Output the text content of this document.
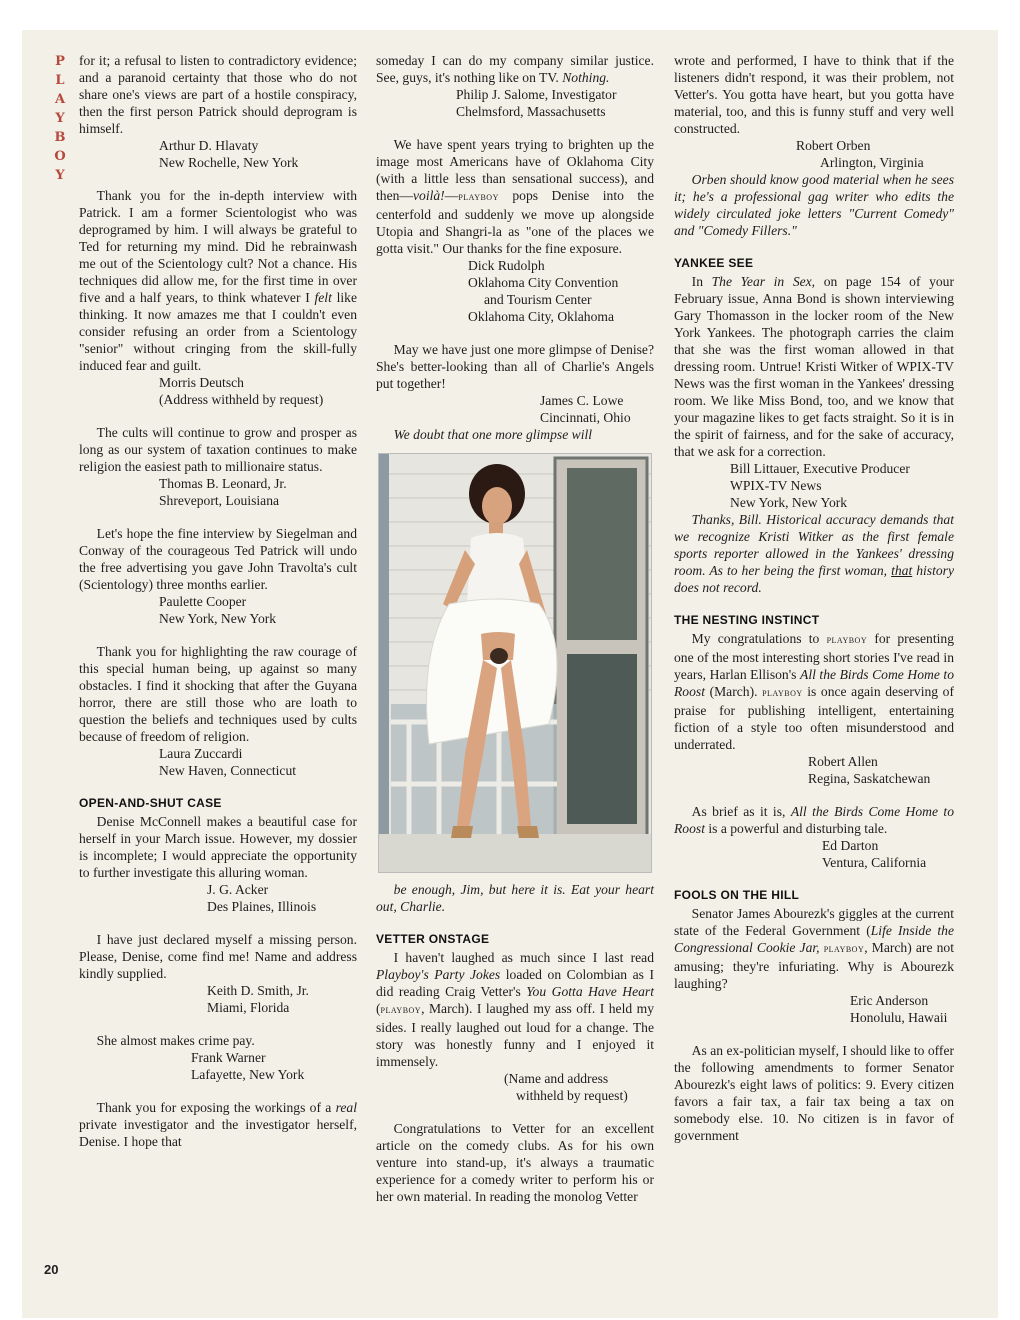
P
L
A
Y
B
O
Y
20

for it; a refusal to listen to contradictory evidence; and a paranoid certainty that those who do not share one's views are part of a hostile conspiracy, then the first person Patrick should deprogram is himself.

Arthur D. Hlavaty
New Rochelle, New York

Thank you for the in-depth interview with Patrick. I am a former Scientologist who was deprogramed by him. I will always be grateful to Ted for returning my mind. Did he rebrainwash me out of the Scientology cult? Not a chance. His techniques did allow me, for the first time in over five and a half years, to think whatever I felt like thinking. It now amazes me that I couldn't even consider refusing an order from a Scientology "senior" without cringing from the skill-fully induced fear and guilt.

Morris Deutsch
(Address withheld by request)

The cults will continue to grow and prosper as long as our system of taxation continues to make religion the easiest path to millionaire status.

Thomas B. Leonard, Jr.
Shreveport, Louisiana

Let's hope the fine interview by Siegelman and Conway of the courageous Ted Patrick will undo the free advertising you gave John Travolta's cult (Scientology) three months earlier.

Paulette Cooper
New York, New York

Thank you for highlighting the raw courage of this special human being, up against so many obstacles. I find it shocking that after the Guyana horror, there are still those who are loath to question the beliefs and techniques used by cults because of freedom of religion.

Laura Zuccardi
New Haven, Connecticut
OPEN-AND-SHUT CASE

Denise McConnell makes a beautiful case for herself in your March issue. However, my dossier is incomplete; I would appreciate the opportunity to further investigate this alluring woman.

J. G. Acker
Des Plaines, Illinois

I have just declared myself a missing person. Please, Denise, come find me! Name and address kindly supplied.

Keith D. Smith, Jr.
Miami, Florida

She almost makes crime pay.

Frank Warner
Lafayette, New York

Thank you for exposing the workings of a real private investigator and the investigator herself, Denise. I hope that

someday I can do my company similar justice. See, guys, it's nothing like on TV. Nothing.

Philip J. Salome, Investigator
Chelmsford, Massachusetts

We have spent years trying to brighten up the image most Americans have of Oklahoma City (with a little less than sensational success), and then—voilà!—playboy pops Denise into the centerfold and suddenly we move up alongside Utopia and Shangri-la as "one of the places we gotta visit." Our thanks for the fine exposure.

Dick Rudolph
Oklahoma City Convention
and Tourism Center
Oklahoma City, Oklahoma

May we have just one more glimpse of Denise? She's better-looking than all of Charlie's Angels put together!

James C. Lowe
Cincinnati, Ohio

We doubt that one more glimpse will

be enough, Jim, but here it is. Eat your heart out, Charlie.

VETTER ONSTAGE

I haven't laughed as much since I last read Playboy's Party Jokes loaded on Colombian as I did reading Craig Vetter's You Gotta Have Heart (playboy, March). I laughed my ass off. I held my sides. I really laughed out loud for a change. The story was honestly funny and I enjoyed it immensely.

(Name and address
withheld by request)

Congratulations to Vetter for an excellent article on the comedy clubs. As for his own venture into stand-up, it's always a traumatic experience for a comedy writer to perform his or her own material. In reading the monolog Vetter

wrote and performed, I have to think that if the listeners didn't respond, it was their problem, not Vetter's. You gotta have heart, but you gotta have material, too, and this is funny stuff and very well constructed.

Robert Orben
Arlington, Virginia

Orben should know good material when he sees it; he's a professional gag writer who edits the widely circulated joke letters "Current Comedy" and "Comedy Fillers."

YANKEE SEE

In The Year in Sex, on page 154 of your February issue, Anna Bond is shown interviewing Gary Thomasson in the locker room of the New York Yankees. The photograph carries the claim that she was the first woman allowed in that dressing room. Untrue! Kristi Witker of WPIX-TV News was the first woman in the Yankees' dressing room. We like Miss Bond, too, and we know that your magazine likes to get facts straight. So it is in the spirit of fairness, and for the sake of accuracy, that we ask for a correction.

Bill Littauer, Executive Producer
WPIX-TV News
New York, New York

Thanks, Bill. Historical accuracy demands that we recognize Kristi Witker as the first female sports reporter allowed in the Yankees' dressing room. As to her being the first woman, that history does not record.

THE NESTING INSTINCT

My congratulations to playboy for presenting one of the most interesting short stories I've read in years, Harlan Ellison's All the Birds Come Home to Roost (March). playboy is once again deserving of praise for publishing intelligent, entertaining fiction of a style too often misunderstood and underrated.

Robert Allen
Regina, Saskatchewan

As brief as it is, All the Birds Come Home to Roost is a powerful and disturbing tale.

Ed Darton
Ventura, California
FOOLS ON THE HILL

Senator James Abourezk's giggles at the current state of the Federal Government (Life Inside the Congressional Cookie Jar, playboy, March) are not amusing; they're infuriating. Why is Abourezk laughing?

Eric Anderson
Honolulu, Hawaii

As an ex-politician myself, I should like to offer the following amendments to former Senator Abourezk's eight laws of politics: 9. Every citizen favors a fair tax, a fair tax being a tax on somebody else. 10. No citizen is in favor of government
